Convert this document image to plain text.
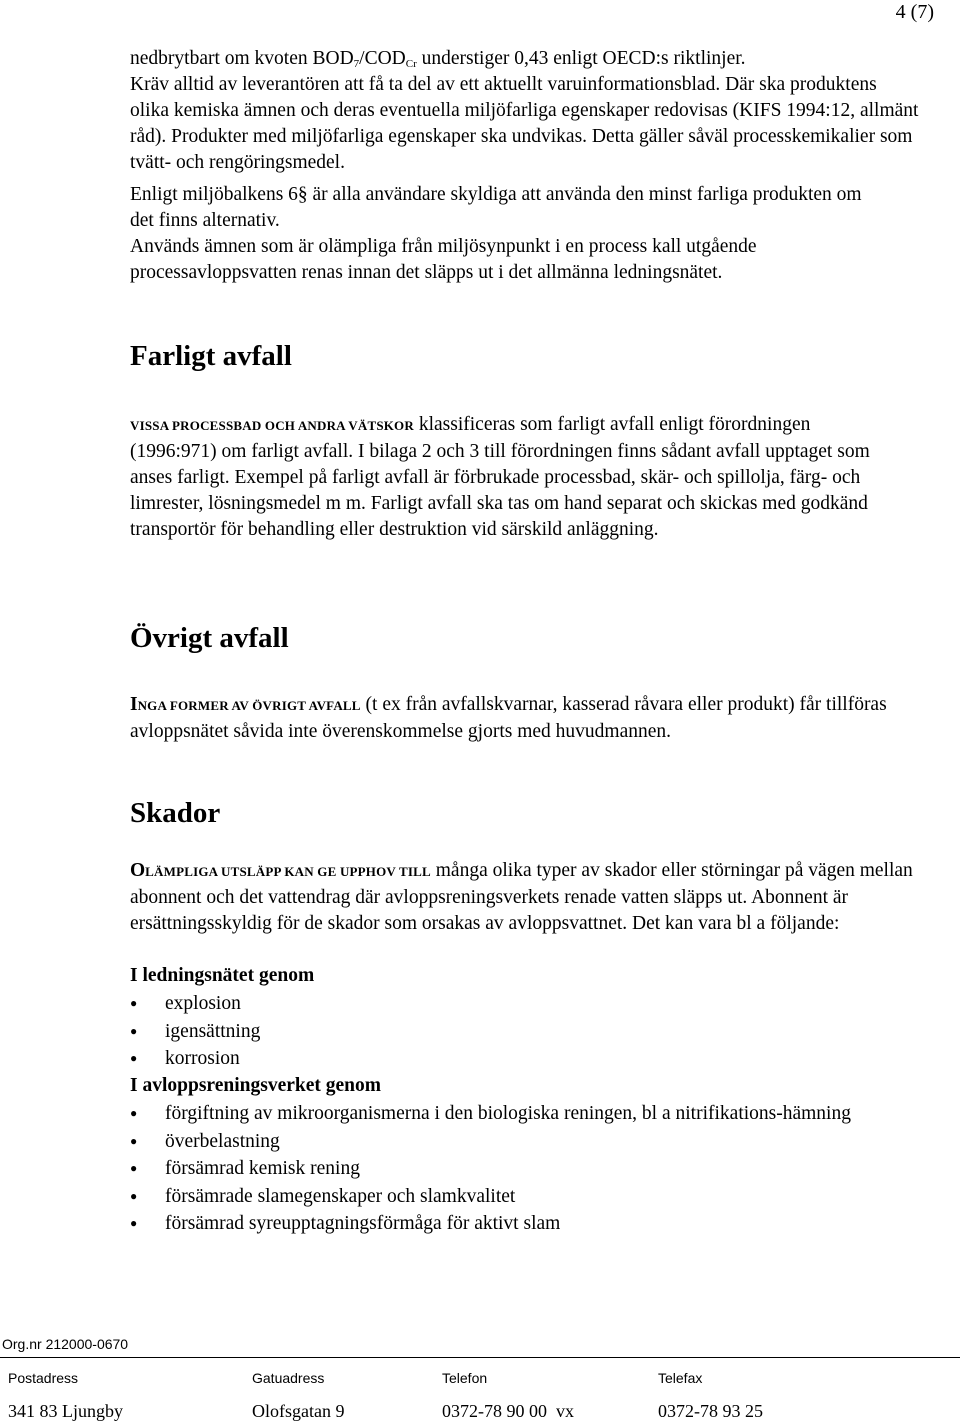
4 (7)

nedbrytbart om kvoten $BOD_7/COD_{Cr}$ understiger 0,43 enligt OECD:s riktlinjer.

Kräv alltid av leverantören att få ta del av ett aktuellt varuinformationsblad. Där ska produktens olika kemiska ämnen och deras eventuella miljöfarliga egenskaper redovisas (KIFS 1994:12, allmänt råd). Produkter med miljöfarliga egenskaper ska undvikas. Detta gäller såväl processkemikalier som tvätt- och rengöringsmedel.

Enligt miljöbalkens 6§ är alla användare skyldiga att använda den minst farliga produkten om det finns alternativ.

Används ämnen som är olämpliga från miljösynpunkt i en process kall utgående processavloppsvatten renas innan det släpps ut i det allmänna ledningsnätet.

Farligt avfall

VISSA PROCESSBAD OCH ANDRA VÄTSKOR klassificeras som farligt avfall enligt förordningen (1996:971) om farligt avfall. I bilaga 2 och 3 till förordningen finns sådant avfall upptaget som anses farligt. Exempel på farligt avfall är förbrukade processbad, skär- och spillolja, färg- och limrester, lösningsmedel m m. Farligt avfall ska tas om hand separat och skickas med godkänd transportör för behandling eller destruktion vid särskild anläggning.

Övrigt avfall

INGA FORMER AV ÖVRIGT AVFALL (t ex från avfallskvarnar, kasserad råvara eller produkt) får tillföras avloppsnätet såvida inte överenskommelse gjorts med huvudmannen.

Skador

OLÄMPLIGA UTSLÄPP KAN GE UPPHOV TILL många olika typer av skador eller störningar på vägen mellan abonnent och det vattendrag där avloppsreningsverkets renade vatten släpps ut. Abonnent är ersättningsskyldig för de skador som orsakas av avloppsvattnet. Det kan vara bl a följande:

I ledningsnätet genom

● explosion
● igensättning
● korrosion

I avloppsreningsverket genom

● förgiftning av mikroorganismerna i den biologiska reningen, bl a nitrifikations-hämning
● överbelastning
● försämrad kemisk rening
● försämrade slamegenskaper och slamkvalitet
● försämrad syreupptagningsförmåga för aktivt slam
Org.nr 212000-0670
Postadress	Gatuadress	Telefon	Telefax
341 83 Ljungby	Olofsgatan 9	0372-78 90 00  vx	0372-78 93 25
